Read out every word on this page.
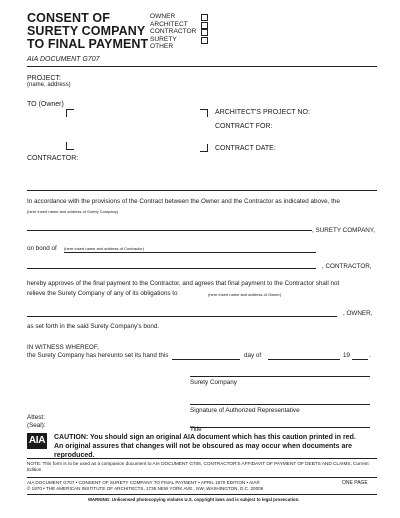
CONSENT OF
SURETY COMPANY
TO FINAL PAYMENT
AIA DOCUMENT G707
OWNER
ARCHITECT
CONTRACTOR
SURETY
OTHER
PROJECT:
(name, address)
TO (Owner)
CONTRACTOR:
ARCHITECT'S PROJECT NO:
CONTRACT FOR:
CONTRACT DATE:
In accordance with the provisions of the Contract between the Owner and the Contractor as indicated above, the
(here insert name and address of Surety Company)
, SURETY COMPANY,
on bond of (here insert name and address of Contractor)
, CONTRACTOR,
hereby approves of the final payment to the Contractor, and agrees that final payment to the Contractor shall not
relieve the Surety Company of any of its obligations to	(here insert name and address of Owner)
, OWNER,
as set forth in the said Surety Company's bond.
IN WITNESS WHEREOF,
the Surety Company has hereunto set its hand this	day of	19	.
Surety Company
Signature of Authorized Representative
Attest:
(Seal):
Title
AIA CAUTION: You should sign an original AIA document which has this caution printed in red.
An original assures that changes will not be obscured as may occur when documents are reproduced.
NOTE: This form is to be used as a companion document to AIA DOCUMENT G706, CONTRACTOR'S AFFIDAVIT OF PAYMENT OF DEBTS AND CLAIMS, Current Edition
AIA DOCUMENT G707 • CONSENT OF SURETY COMPANY TO FINAL PAYMENT • APRIL 1970 EDITION • AIA®
© 1970 • THE AMERICAN INSTITUTE OF ARCHITECTS, 1735 NEW YORK AVE., NW, WASHINGTON, D.C. 20006
ONE PAGE
WARNING: Unlicensed photocopying violates U.S. copyright laws and is subject to legal prosecution.
